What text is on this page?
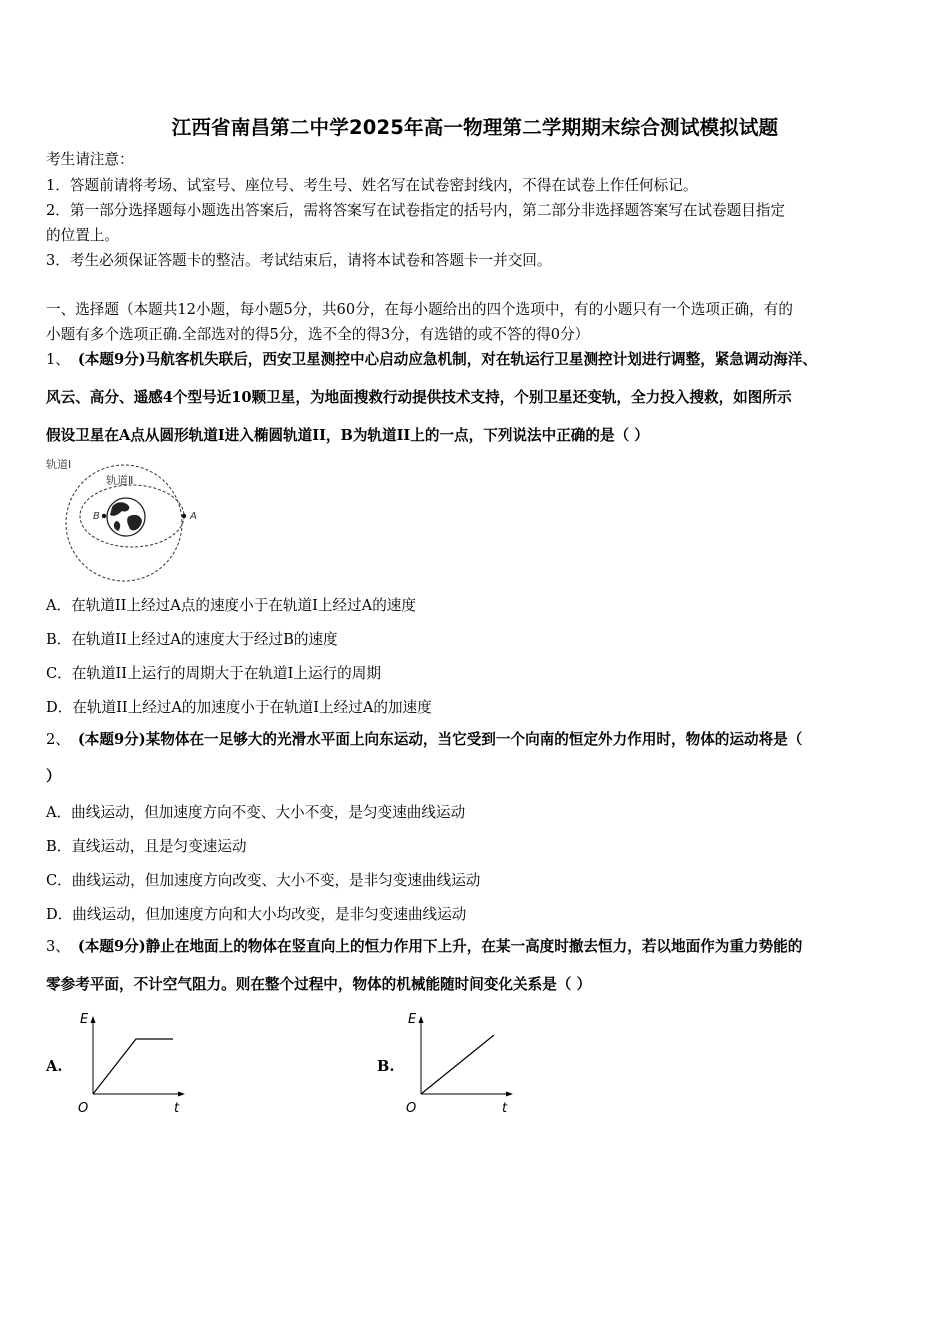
江西省南昌第二中学2025年高一物理第二学期期末综合测试模拟试题
考生请注意：
1．答题前请将考场、试室号、座位号、考生号、姓名写在试卷密封线内，不得在试卷上作任何标记。
2．第一部分选择题每小题选出答案后，需将答案写在试卷指定的括号内，第二部分非选择题答案写在试卷题目指定
的位置上。
3．考生必须保证答题卡的整洁。考试结束后，请将本试卷和答题卡一并交回。
一、选择题（本题共12小题，每小题5分，共60分，在每小题给出的四个选项中，有的小题只有一个选项正确，有的
小题有多个选项正确.全部选对的得5分，选不全的得3分，有选错的或不答的得0分）
1、 (本题9分)马航客机失联后，西安卫星测控中心启动应急机制，对在轨运行卫星测控计划进行调整，紧急调动海洋、
风云、高分、遥感4个型号近10颗卫星，为地面搜救行动提供技术支持，个别卫星还变轨，全力投入搜救，如图所示
假设卫星在A点从圆形轨道I进入椭圆轨道II，B为轨道II上的一点，下列说法中正确的是（ ）
轨道Ⅰ
轨道Ⅱ
A
B
A．在轨道II上经过A点的速度小于在轨道I上经过A的速度
B．在轨道II上经过A的速度大于经过B的速度
C．在轨道II上运行的周期大于在轨道I上运行的周期
D．在轨道II上经过A的加速度小于在轨道I上经过A的加速度
2、 (本题9分)某物体在一足够大的光滑水平面上向东运动，当它受到一个向南的恒定外力作用时，物体的运动将是（
）
A．曲线运动，但加速度方向不变、大小不变，是匀变速曲线运动
B．直线运动，且是匀变速运动
C．曲线运动，但加速度方向改变、大小不变，是非匀变速曲线运动
D．曲线运动，但加速度方向和大小均改变，是非匀变速曲线运动
3、 (本题9分)静止在地面上的物体在竖直向上的恒力作用下上升，在某一高度时撤去恒力，若以地面作为重力势能的
零参考平面，不计空气阻力。则在整个过程中，物体的机械能随时间变化关系是（ ）
A.
E
t
O
B.
E
t
O
